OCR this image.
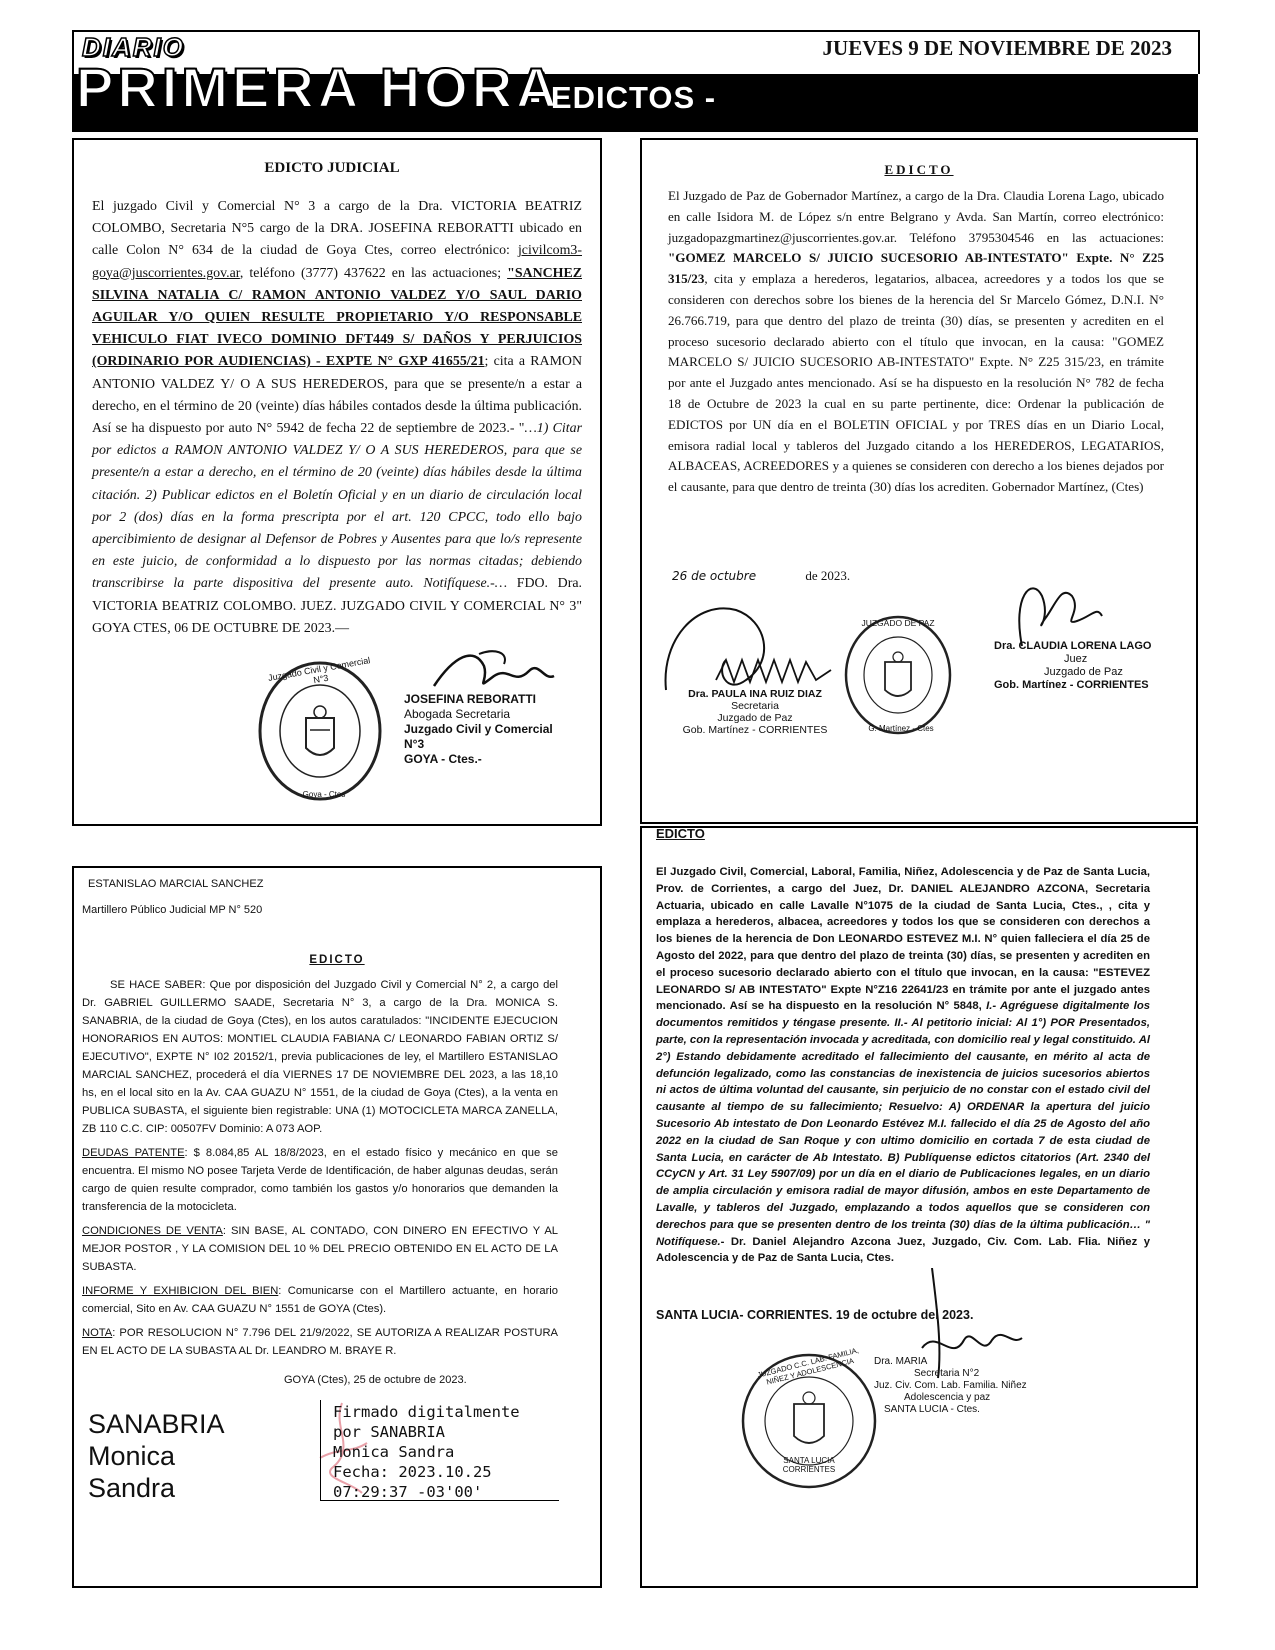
DIARIO
PRIMERA HORA
JUEVES 9 DE NOVIEMBRE DE 2023
- EDICTOS -
EDICTO JUDICIAL

El juzgado Civil y Comercial N° 3 a cargo de la Dra. VICTORIA BEATRIZ COLOMBO, Secretaria N°5 cargo de la DRA. JOSEFINA REBORATTI ubicado en calle Colon N° 634 de la ciudad de Goya Ctes, correo electrónico: jcivilcom3-goya@juscorrientes.gov.ar, teléfono (3777) 437622 en las actuaciones; "SANCHEZ SILVINA NATALIA C/ RAMON ANTONIO VALDEZ Y/O SAUL DARIO AGUILAR Y/O QUIEN RESULTE PROPIETARIO Y/O RESPONSABLE VEHICULO FIAT IVECO DOMINIO DFT449 S/ DAÑOS Y PERJUICIOS (ORDINARIO POR AUDIENCIAS) - EXPTE N° GXP 41655/21; cita a RAMON ANTONIO VALDEZ Y/ O A SUS HEREDEROS, para que se presente/n a estar a derecho, en el término de 20 (veinte) días hábiles contados desde la última publicación. Así se ha dispuesto por auto N° 5942 de fecha 22 de septiembre de 2023.- "…1) Citar por edictos a RAMON ANTONIO VALDEZ Y/ O A SUS HEREDEROS, para que se presente/n a estar a derecho, en el término de 20 (veinte) días hábiles desde la última citación. 2) Publicar edictos en el Boletín Oficial y en un diario de circulación local por 2 (dos) días en la forma prescripta por el art. 120 CPCC, todo ello bajo apercibimiento de designar al Defensor de Pobres y Ausentes para que lo/s represente en este juicio, de conformidad a lo dispuesto por las normas citadas; debiendo transcribirse la parte dispositiva del presente auto. Notifíquese.-… FDO. Dra. VICTORIA BEATRIZ COLOMBO. JUEZ. JUZGADO CIVIL Y COMERCIAL N° 3" GOYA CTES, 06 DE OCTUBRE DE 2023.—

Juzgado Civil y Comercial N°3
Goya - Ctes
JOSEFINA REBORATTI
Abogada Secretaria
Juzgado Civil y Comercial N°3
GOYA - Ctes.-
EDICTO

El Juzgado de Paz de Gobernador Martínez, a cargo de la Dra. Claudia Lorena Lago, ubicado en calle Isidora M. de López s/n entre Belgrano y Avda. San Martín, correo electrónico: juzgadopazgmartinez@juscorrientes.gov.ar. Teléfono 3795304546 en las actuaciones: "GOMEZ MARCELO S/ JUICIO SUCESORIO AB-INTESTATO" Expte. N° Z25 315/23, cita y emplaza a herederos, legatarios, albacea, acreedores y a todos los que se consideren con derechos sobre los bienes de la herencia del Sr Marcelo Gómez, D.N.I. N° 26.766.719, para que dentro del plazo de treinta (30) días, se presenten y acrediten en el proceso sucesorio declarado abierto con el título que invocan, en la causa: "GOMEZ MARCELO S/ JUICIO SUCESORIO AB-INTESTATO" Expte. N° Z25 315/23, en trámite por ante el Juzgado antes mencionado. Así se ha dispuesto en la resolución N° 782 de fecha 18 de Octubre de 2023 la cual en su parte pertinente, dice: Ordenar la publicación de EDICTOS por UN día en el BOLETIN OFICIAL y por TRES días en un Diario Local, emisora radial local y tableros del Juzgado citando a los HEREDEROS, LEGATARIOS, ALBACEAS, ACREEDORES y a quienes se consideren con derecho a los bienes dejados por el causante, para que dentro de treinta (30) días los acrediten. Gobernador Martínez, (Ctes)

26 de octubre	de 2023.
JUZGADO DE PAZ
G. Martínez - Ctes
Dra. CLAUDIA LORENA LAGO
Juez
Juzgado de Paz
Gob. Martínez - CORRIENTES
Dra. PAULA INA RUIZ DIAZ
Secretaria
Juzgado de Paz
Gob. Martínez - CORRIENTES
ESTANISLAO MARCIAL SANCHEZ
Martillero Público Judicial MP N° 520
EDICTO

SE HACE SABER: Que por disposición del Juzgado Civil y Comercial N° 2, a cargo del Dr. GABRIEL GUILLERMO SAADE, Secretaria N° 3, a cargo de la Dra. MONICA S. SANABRIA, de la ciudad de Goya (Ctes), en los autos caratulados: "INCIDENTE EJECUCION HONORARIOS EN AUTOS: MONTIEL CLAUDIA FABIANA C/ LEONARDO FABIAN ORTIZ S/ EJECUTIVO", EXPTE N° I02 20152/1, previa publicaciones de ley, el Martillero ESTANISLAO MARCIAL SANCHEZ, procederá el día VIERNES 17 DE NOVIEMBRE DEL 2023, a las 18,10 hs, en el local sito en la Av. CAA GUAZU N° 1551, de la ciudad de Goya (Ctes), a la venta en PUBLICA SUBASTA, el siguiente bien registrable: UNA (1) MOTOCICLETA MARCA ZANELLA, ZB 110 C.C. CIP: 00507FV Dominio: A 073 AOP.

DEUDAS PATENTE: $ 8.084,85 AL 18/8/2023, en el estado físico y mecánico en que se encuentra. El mismo NO posee Tarjeta Verde de Identificación, de haber algunas deudas, serán cargo de quien resulte comprador, como también los gastos y/o honorarios que demanden la transferencia de la motocicleta.

CONDICIONES DE VENTA: SIN BASE, AL CONTADO, CON DINERO EN EFECTIVO Y AL MEJOR POSTOR , Y LA COMISION DEL 10 % DEL PRECIO OBTENIDO EN EL ACTO DE LA SUBASTA.

INFORME Y EXHIBICION DEL BIEN: Comunicarse con el Martillero actuante, en horario comercial, Sito en Av. CAA GUAZU N° 1551 de GOYA (Ctes).

NOTA: POR RESOLUCION N° 7.796 DEL 21/9/2022, SE AUTORIZA A REALIZAR POSTURA EN EL ACTO DE LA SUBASTA AL Dr. LEANDRO M. BRAYE R.

GOYA (Ctes), 25 de octubre de 2023.
SANABRIA
Monica
Sandra
Firmado digitalmente
por SANABRIA
Monica Sandra
Fecha: 2023.10.25
07:29:37 -03'00'
EDICTO

El Juzgado Civil, Comercial, Laboral, Familia, Niñez, Adolescencia y de Paz de Santa Lucia, Prov. de Corrientes, a cargo del Juez, Dr. DANIEL ALEJANDRO AZCONA, Secretaria Actuaria, ubicado en calle Lavalle N°1075 de la ciudad de Santa Lucia, Ctes., , cita y emplaza a herederos, albacea, acreedores y todos los que se consideren con derechos a los bienes de la herencia de Don LEONARDO ESTEVEZ M.I. N° quien falleciera el día 25 de Agosto del 2022, para que dentro del plazo de treinta (30) días, se presenten y acrediten en el proceso sucesorio declarado abierto con el título que invocan, en la causa: "ESTEVEZ LEONARDO S/ AB INTESTATO" Expte N°Z16 22641/23 en trámite por ante el juzgado antes mencionado. Así se ha dispuesto en la resolución N° 5848, I.- Agréguese digitalmente los documentos remitidos y téngase presente. II.- Al petitorio inicial: Al 1°) POR Presentados, parte, con la representación invocada y acreditada, con domicilio real y legal constituido. Al 2°) Estando debidamente acreditado el fallecimiento del causante, en mérito al acta de defunción legalizado, como las constancias de inexistencia de juicios sucesorios abiertos ni actos de última voluntad del causante, sin perjuicio de no constar con el estado civil del causante al tiempo de su fallecimiento; Resuelvo: A) ORDENAR la apertura del juicio Sucesorio Ab intestato de Don Leonardo Estévez M.I. fallecido el día 25 de Agosto del año 2022 en la ciudad de San Roque y con ultimo domicilio en cortada 7 de esta ciudad de Santa Lucia, en carácter de Ab Intestato. B) Publíquense edictos citatorios (Art. 2340 del CCyCN y Art. 31 Ley 5907/09) por un día en el diario de Publicaciones legales, en un diario de amplia circulación y emisora radial de mayor difusión, ambos en este Departamento de Lavalle, y tableros del Juzgado, emplazando a todos aquellos que se consideren con derechos para que se presenten dentro de los treinta (30) días de la última publicación… " Notifíquese.- Dr. Daniel Alejandro Azcona Juez, Juzgado, Civ. Com. Lab. Flia. Niñez y Adolescencia y de Paz de Santa Lucia, Ctes.

SANTA LUCIA- CORRIENTES. 19 de octubre del 2023.
JUZGADO C.C. LAB. FAMILIA, NIÑEZ Y ADOLESCENCIA
SANTA LUCIA CORRIENTES
Dra. MARIA
Secretaria N°2
Juz. Civ. Com. Lab. Familia. Niñez
Adolescencia y paz
SANTA LUCIA - Ctes.
